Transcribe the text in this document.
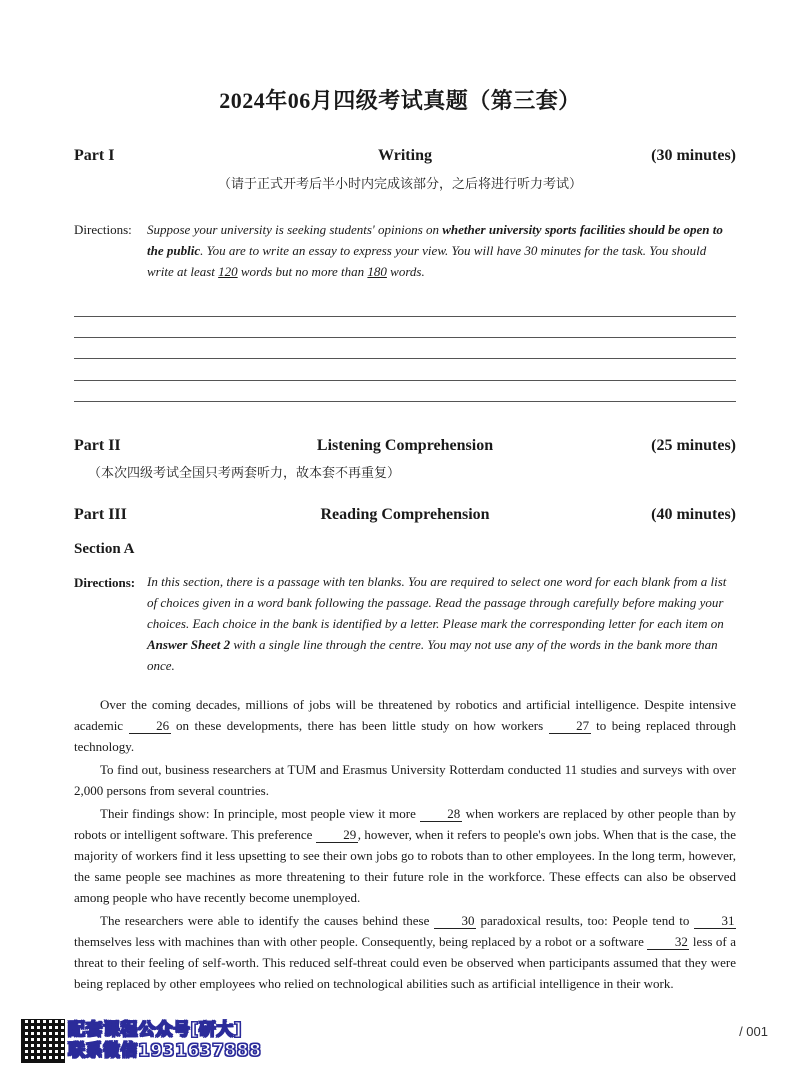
2024年06月四级考试真题（第三套）
Writing
Part I	(30 minutes)
（请于正式开考后半小时内完成该部分，之后将进行听力考试）
Directions: Suppose your university is seeking students' opinions on whether university sports facilities should be open to the public. You are to write an essay to express your view. You will have 30 minutes for the task. You should write at least 120 words but no more than 180 words.
Listening Comprehension
Part II	(25 minutes)
（本次四级考试全国只考两套听力，故本套不再重复）
Reading Comprehension
Part III	(40 minutes)
Section A
Directions: In this section, there is a passage with ten blanks. You are required to select one word for each blank from a list of choices given in a word bank following the passage. Read the passage through carefully before making your choices. Each choice in the bank is identified by a letter. Please mark the corresponding letter for each item on Answer Sheet 2 with a single line through the centre. You may not use any of the words in the bank more than once.

Over the coming decades, millions of jobs will be threatened by robotics and artificial intelligence. Despite intensive academic 26 on these developments, there has been little study on how workers 27 to being replaced through technology.

To find out, business researchers at TUM and Erasmus University Rotterdam conducted 11 studies and surveys with over 2,000 persons from several countries.

Their findings show: In principle, most people view it more 28 when workers are replaced by other people than by robots or intelligent software. This preference 29 , however, when it refers to people's own jobs. When that is the case, the majority of workers find it less upsetting to see their own jobs go to robots than to other employees. In the long term, however, the same people see machines as more threatening to their future role in the workforce. These effects can also be observed among people who have recently become unemployed.

The researchers were able to identify the causes behind these 30 paradoxical results, too: People tend to 31 themselves less with machines than with other people. Consequently, being replaced by a robot or a software 32 less of a threat to their feeling of self-worth. This reduced self-threat could even be observed when participants assumed that they were being replaced by other employees who relied on technological abilities such as artificial intelligence in their work.

配套课程公众号[研大]
联系微信1931637888
/ 001
